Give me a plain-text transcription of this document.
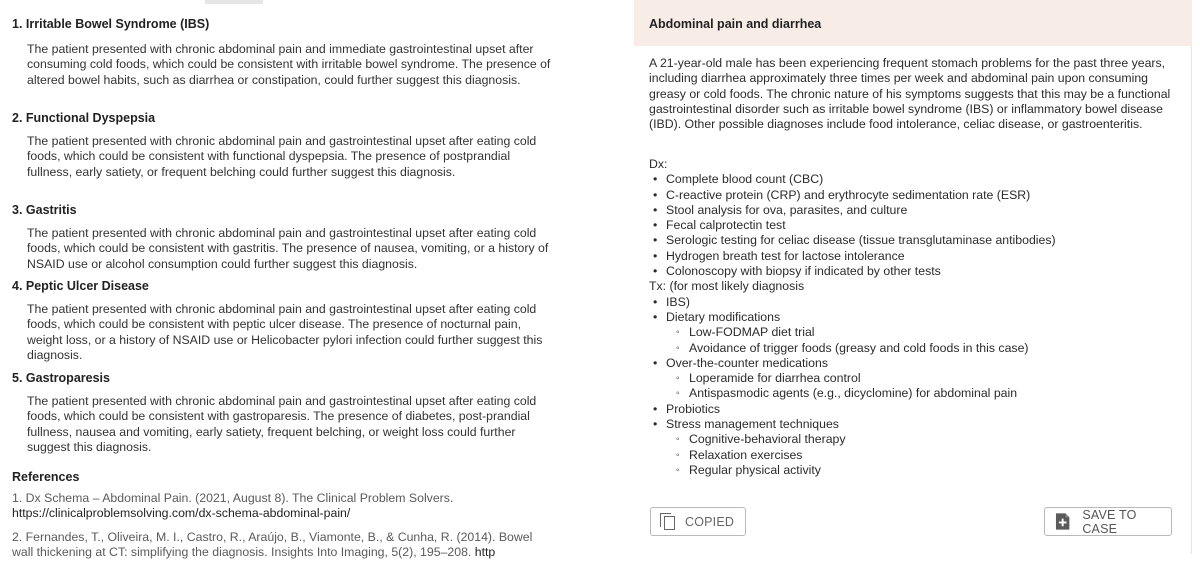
1. Irritable Bowel Syndrome (IBS)
The patient presented with chronic abdominal pain and immediate gastrointestinal upset after consuming cold foods, which could be consistent with irritable bowel syndrome. The presence of altered bowel habits, such as diarrhea or constipation, could further suggest this diagnosis.
2. Functional Dyspepsia
The patient presented with chronic abdominal pain and gastrointestinal upset after eating cold foods, which could be consistent with functional dyspepsia. The presence of postprandial fullness, early satiety, or frequent belching could further suggest this diagnosis.
3. Gastritis
The patient presented with chronic abdominal pain and gastrointestinal upset after eating cold foods, which could be consistent with gastritis. The presence of nausea, vomiting, or a history of NSAID use or alcohol consumption could further suggest this diagnosis.
4. Peptic Ulcer Disease
The patient presented with chronic abdominal pain and gastrointestinal upset after eating cold foods, which could be consistent with peptic ulcer disease. The presence of nocturnal pain, weight loss, or a history of NSAID use or Helicobacter pylori infection could further suggest this diagnosis.
5. Gastroparesis
The patient presented with chronic abdominal pain and gastrointestinal upset after eating cold foods, which could be consistent with gastroparesis. The presence of diabetes, post-prandial fullness, nausea and vomiting, early satiety, frequent belching, or weight loss could further suggest this diagnosis.
References
1. Dx Schema – Abdominal Pain. (2021, August 8). The Clinical Problem Solvers. https://clinicalproblemsolving.com/dx-schema-abdominal-pain/
2. Fernandes, T., Oliveira, M. I., Castro, R., Araújo, B., Viamonte, B., & Cunha, R. (2014). Bowel wall thickening at CT: simplifying the diagnosis. Insights Into Imaging, 5(2), 195–208. http
Abdominal pain and diarrhea
A 21-year-old male has been experiencing frequent stomach problems for the past three years, including diarrhea approximately three times per week and abdominal pain upon consuming greasy or cold foods. The chronic nature of his symptoms suggests that this may be a functional gastrointestinal disorder such as irritable bowel syndrome (IBS) or inflammatory bowel disease (IBD). Other possible diagnoses include food intolerance, celiac disease, or gastroenteritis.
Dx:
• Complete blood count (CBC)
• C-reactive protein (CRP) and erythrocyte sedimentation rate (ESR)
• Stool analysis for ova, parasites, and culture
• Fecal calprotectin test
• Serologic testing for celiac disease (tissue transglutaminase antibodies)
• Hydrogen breath test for lactose intolerance
• Colonoscopy with biopsy if indicated by other tests
Tx: (for most likely diagnosis
• IBS)
• Dietary modifications
◦ Low-FODMAP diet trial
◦ Avoidance of trigger foods (greasy and cold foods in this case)
• Over-the-counter medications
◦ Loperamide for diarrhea control
◦ Antispasmodic agents (e.g., dicyclomine) for abdominal pain
• Probiotics
• Stress management techniques
◦ Cognitive-behavioral therapy
◦ Relaxation exercises
◦ Regular physical activity
COPIED	SAVE TO CASE
